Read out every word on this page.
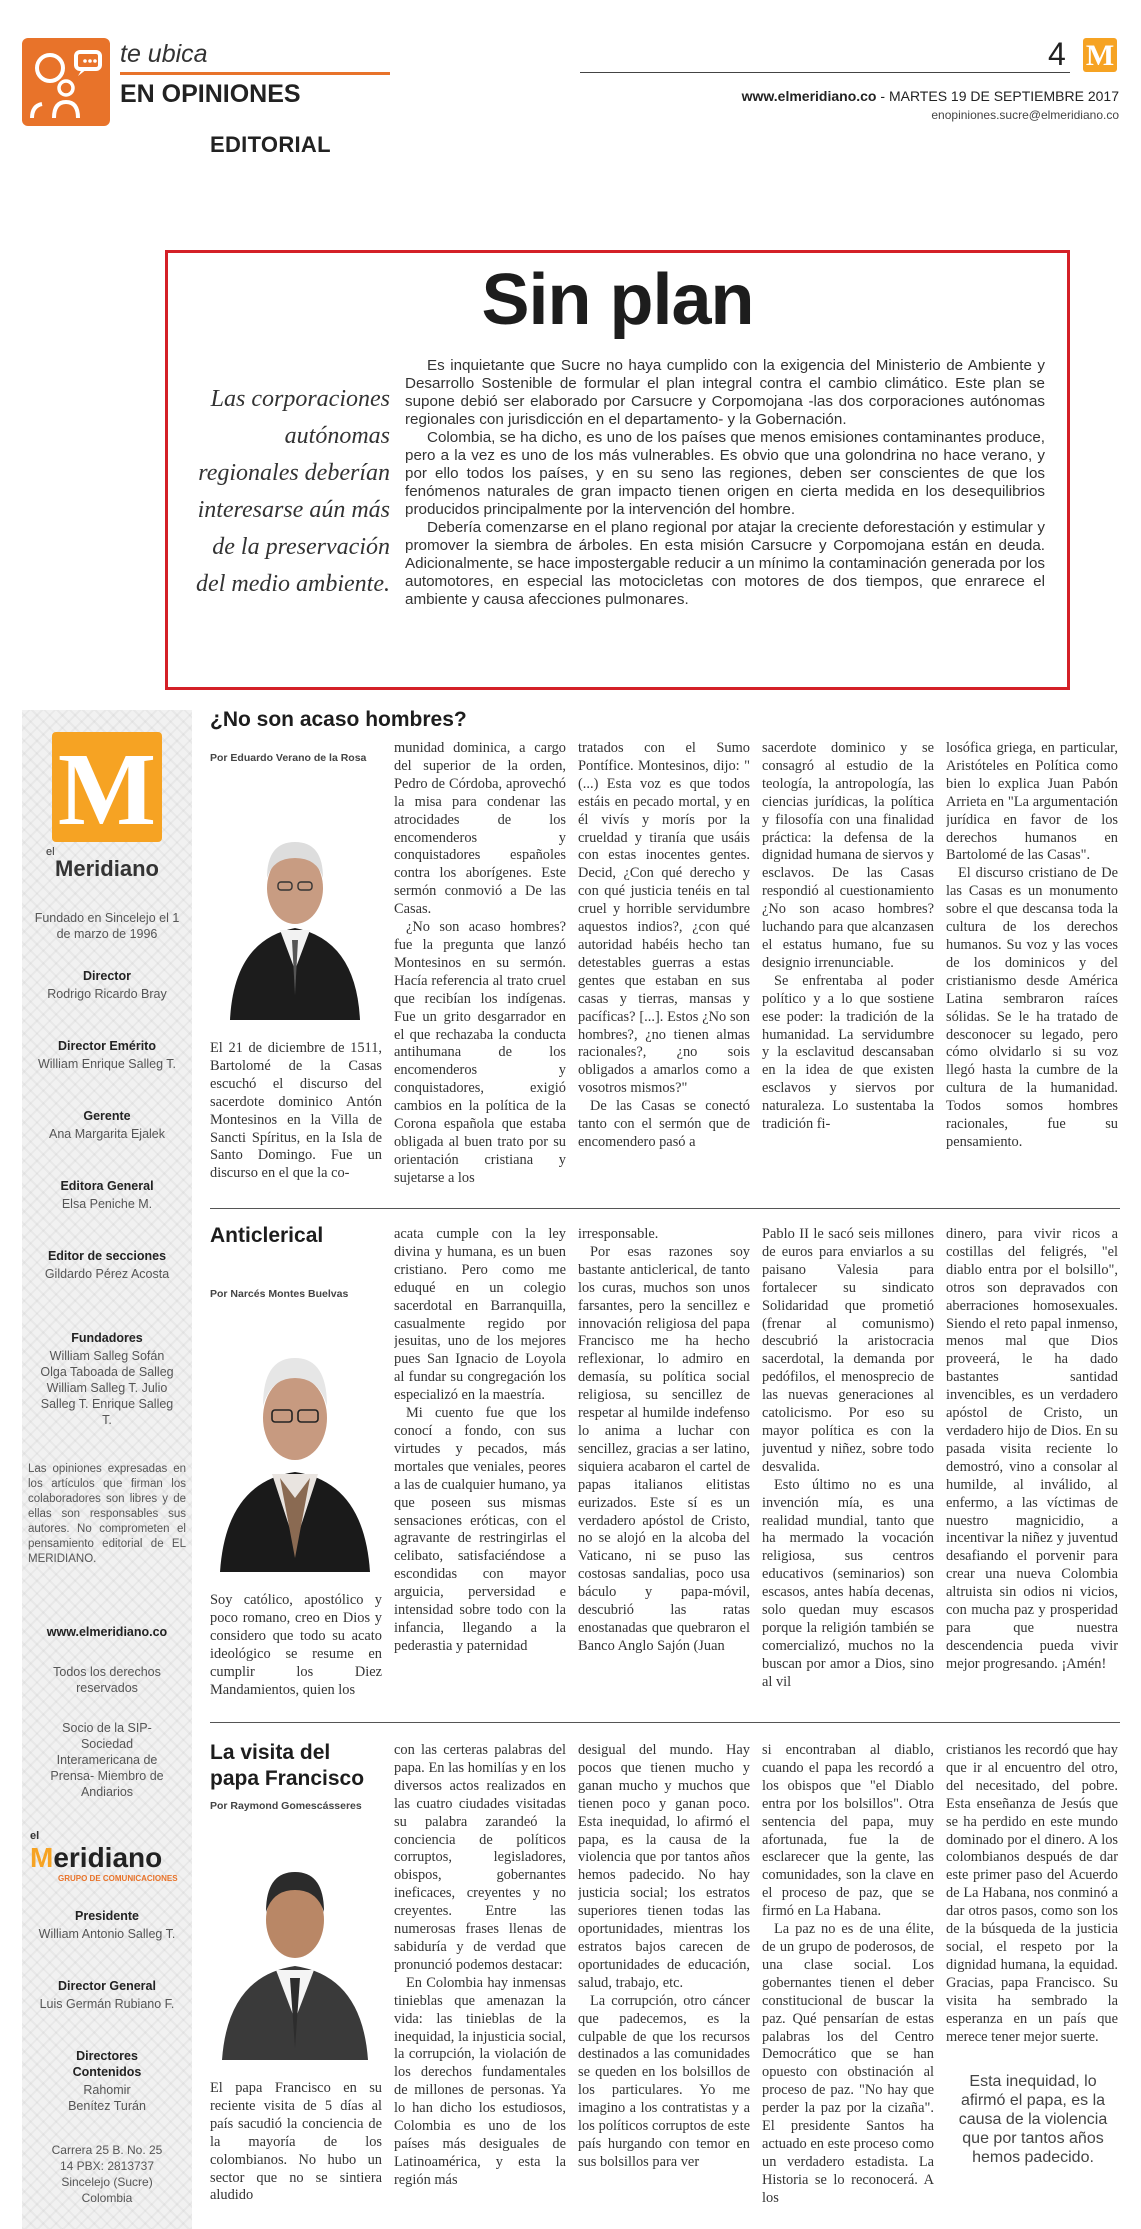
te ubica
EN OPINIONES
EDITORIAL
4 M
www.elmeridiano.co - MARTES 19 DE SEPTIEMBRE 2017
enopiniones.sucre@elmeridiano.co
Sin plan
Las corporaciones autónomas regionales deberían interesarse aún más de la preservación del medio ambiente.

Es inquietante que Sucre no haya cumplido con la exigencia del Ministerio de Ambiente y Desarrollo Sostenible de formular el plan integral contra el cambio climático. Este plan se supone debió ser elaborado por Carsucre y Corpomojana -las dos corporaciones autónomas regionales con jurisdicción en el departamento- y la Gobernación.

Colombia, se ha dicho, es uno de los países que menos emisiones contaminantes produce, pero a la vez es uno de los más vulnerables. Es obvio que una golondrina no hace verano, y por ello todos los países, y en su seno las regiones, deben ser conscientes de que los fenómenos naturales de gran impacto tienen origen en cierta medida en los desequilibrios producidos principalmente por la intervención del hombre.

Debería comenzarse en el plano regional por atajar la creciente deforestación y estimular y promover la siembra de árboles. En esta misión Carsucre y Corpomojana están en deuda. Adicionalmente, se hace impostergable reducir a un mínimo la contaminación generada por los automotores, en especial las motocicletas con motores de dos tiempos, que enrarece el ambiente y causa afecciones pulmonares.

M
el
Meridiano
Fundado en Sincelejo el 1 de marzo de 1996
Director
Rodrigo Ricardo Bray
Director Emérito
William Enrique Salleg T.
Gerente
Ana Margarita Ejalek
Editora General
Elsa Peniche M.
Editor de secciones
Gildardo Pérez Acosta
Fundadores
William Salleg Sofán Olga Taboada de Salleg William Salleg T. Julio Salleg T. Enrique Salleg T.
Las opiniones expresadas en los artículos que firman los colaboradores son libres y de ellas son responsables sus autores. No comprometen el pensamiento editorial de EL MERIDIANO.
www.elmeridiano.co
Todos los derechos reservados
Socio de la SIP- Sociedad Interamericana de Prensa- Miembro de Andiarios
el
Meridiano
GRUPO DE COMUNICACIONES
Presidente
William Antonio Salleg T.
Director General
Luis Germán Rubiano F.
Directores Contenidos
Rahomir Benítez Turán
Carrera 25 B. No. 25 14 PBX: 2813737 Sincelejo (Sucre) Colombia
¿No son acaso hombres?
Por Eduardo Verano de la Rosa

El 21 de diciembre de 1511, Bartolomé de la Casas escuchó el discurso del sacerdote dominico Antón Montesinos en la Villa de Sancti Spíritus, en la Isla de Santo Domingo. Fue un discurso en el que la co-

munidad dominica, a cargo del superior de la orden, Pedro de Córdoba, aprovechó la misa para condenar las atrocidades de los encomenderos y conquistadores españoles contra los aborígenes. Este sermón conmovió a De las Casas.

¿No son acaso hombres? fue la pregunta que lanzó Montesinos en su sermón. Hacía referencia al trato cruel que recibían los indígenas. Fue un grito desgarrador en el que rechazaba la conducta antihumana de los encomenderos y conquistadores, exigió cambios en la política de la Corona española que estaba obligada al buen trato por su orientación cristiana y sujetarse a los

tratados con el Sumo Pontífice. Montesinos, dijo: "(...) Esta voz es que todos estáis en pecado mortal, y en él vivís y morís por la crueldad y tiranía que usáis con estas inocentes gentes. Decid, ¿Con qué derecho y con qué justicia tenéis en tal cruel y horrible servidumbre aquestos indios?, ¿con qué autoridad habéis hecho tan detestables guerras a estas gentes que estaban en sus casas y tierras, mansas y pacíficas? [...]. Estos ¿No son hombres?, ¿no tienen almas racionales?, ¿no sois obligados a amarlos como a vosotros mismos?"

De las Casas se conectó tanto con el sermón que de encomendero pasó a

sacerdote dominico y se consagró al estudio de la teología, la antropología, las ciencias jurídicas, la política y filosofía con una finalidad práctica: la defensa de la dignidad humana de siervos y esclavos. De las Casas respondió al cuestionamiento ¿No son acaso hombres? luchando para que alcanzasen el estatus humano, fue su designio irrenunciable.

Se enfrentaba al poder político y a lo que sostiene ese poder: la tradición de la humanidad. La servidumbre y la esclavitud descansaban en la idea de que existen esclavos y siervos por naturaleza. Lo sustentaba la tradición fi-

losófica griega, en particular, Aristóteles en Política como bien lo explica Juan Pabón Arrieta en "La argumentación jurídica en favor de los derechos humanos en Bartolomé de las Casas".

El discurso cristiano de De las Casas es un monumento sobre el que descansa toda la cultura de los derechos humanos. Su voz y las voces de los dominicos y del cristianismo desde América Latina sembraron raíces sólidas. Se le ha tratado de desconocer su legado, pero cómo olvidarlo si su voz llegó hasta la cumbre de la cultura de la humanidad. Todos somos hombres racionales, fue su pensamiento.

Anticlerical
Por Narcés Montes Buelvas

Soy católico, apostólico y poco romano, creo en Dios y considero que todo su acato ideológico se resume en cumplir los Diez Mandamientos, quien los

acata cumple con la ley divina y humana, es un buen cristiano. Pero como me eduqué en un colegio sacerdotal en Barranquilla, casualmente regido por jesuitas, uno de los mejores pues San Ignacio de Loyola al fundar su congregación los especializó en la maestría.

Mi cuento fue que los conocí a fondo, con sus virtudes y pecados, más mortales que veniales, peores a las de cualquier humano, ya que poseen sus mismas sensaciones eróticas, con el agravante de restringirlas el celibato, satisfaciéndose a escondidas con mayor arguicia, perversidad e intensidad sobre todo con la infancia, llegando a la pederastia y paternidad

irresponsable.

Por esas razones soy bastante anticlerical, de tanto los curas, muchos son unos farsantes, pero la sencillez e innovación religiosa del papa Francisco me ha hecho reflexionar, lo admiro en demasía, su política social religiosa, su sencillez de respetar al humilde indefenso lo anima a luchar con sencillez, gracias a ser latino, siquiera acabaron el cartel de papas italianos elitistas eurizados. Este sí es un verdadero apóstol de Cristo, no se alojó en la alcoba del Vaticano, ni se puso las costosas sandalias, poco usa báculo y papa-móvil, descubrió las ratas enostanadas que quebraron el Banco Anglo Sajón (Juan

Pablo II le sacó seis millones de euros para enviarlos a su paisano Valesia para fortalecer su sindicato Solidaridad que prometió (frenar al comunismo) descubrió la aristocracia sacerdotal, la demanda por pedófilos, el menosprecio de las nuevas generaciones al catolicismo. Por eso su mayor política es con la juventud y niñez, sobre todo desvalida.

Esto último no es una invención mía, es una realidad mundial, tanto que ha mermado la vocación religiosa, sus centros educativos (seminarios) son escasos, antes había decenas, solo quedan muy escasos porque la religión también se comercializó, muchos no la buscan por amor a Dios, sino al vil

dinero, para vivir ricos a costillas del feligrés, "el diablo entra por el bolsillo", otros son depravados con aberraciones homosexuales. Siendo el reto papal inmenso, menos mal que Dios proveerá, le ha dado bastantes santidad invencibles, es un verdadero apóstol de Cristo, un verdadero hijo de Dios. En su pasada visita reciente lo demostró, vino a consolar al humilde, al inválido, al enfermo, a las víctimas de nuestro magnicidio, a incentivar la niñez y juventud desafiando el porvenir para crear una nueva Colombia altruista sin odios ni vicios, con mucha paz y prosperidad para que nuestra descendencia pueda vivir mejor progresando. ¡Amén!

La visita del papa Francisco
Por Raymond Gomescásseres

El papa Francisco en su reciente visita de 5 días al país sacudió la conciencia de la mayoría de los colombianos. No hubo un sector que no se sintiera aludido

con las certeras palabras del papa. En las homilías y en los diversos actos realizados en las cuatro ciudades visitadas su palabra zarandeó la conciencia de políticos corruptos, legisladores, obispos, gobernantes ineficaces, creyentes y no creyentes. Entre las numerosas frases llenas de sabiduría y de verdad que pronunció podemos destacar:

En Colombia hay inmensas tinieblas que amenazan la vida: las tinieblas de la inequidad, la injusticia social, la corrupción, la violación de los derechos fundamentales de millones de personas. Ya lo han dicho los estudiosos, Colombia es uno de los países más desiguales de Latinoamérica, y esta la región más

desigual del mundo. Hay pocos que tienen mucho y ganan mucho y muchos que tienen poco y ganan poco. Esta inequidad, lo afirmó el papa, es la causa de la violencia que por tantos años hemos padecido. No hay justicia social; los estratos superiores tienen todas las oportunidades, mientras los estratos bajos carecen de oportunidades de educación, salud, trabajo, etc.

La corrupción, otro cáncer que padecemos, es la culpable de que los recursos destinados a las comunidades se queden en los bolsillos de los particulares. Yo me imagino a los contratistas y a los políticos corruptos de este país hurgando con temor en sus bolsillos para ver

si encontraban al diablo, cuando el papa les recordó a los obispos que "el Diablo entra por los bolsillos". Otra sentencia del papa, muy afortunada, fue la de esclarecer que la gente, las comunidades, son la clave en el proceso de paz, que se firmó en La Habana.

La paz no es de una élite, de un grupo de poderosos, de una clase social. Los gobernantes tienen el deber constitucional de buscar la paz. Qué pensarían de estas palabras los del Centro Democrático que se han opuesto con obstinación al proceso de paz. "No hay que perder la paz por la cizaña". El presidente Santos ha actuado en este proceso como un verdadero estadista. La Historia se lo reconocerá. A los

cristianos les recordó que hay que ir al encuentro del otro, del necesitado, del pobre. Esta enseñanza de Jesús que se ha perdido en este mundo dominado por el dinero. A los colombianos después de dar este primer paso del Acuerdo de La Habana, nos conminó a dar otros pasos, como son los de la búsqueda de la justicia social, el respeto por la dignidad humana, la equidad. Gracias, papa Francisco. Su visita ha sembrado la esperanza en un país que merece tener mejor suerte.

Esta inequidad, lo afirmó el papa, es la causa de la violencia que por tantos años hemos padecido.
